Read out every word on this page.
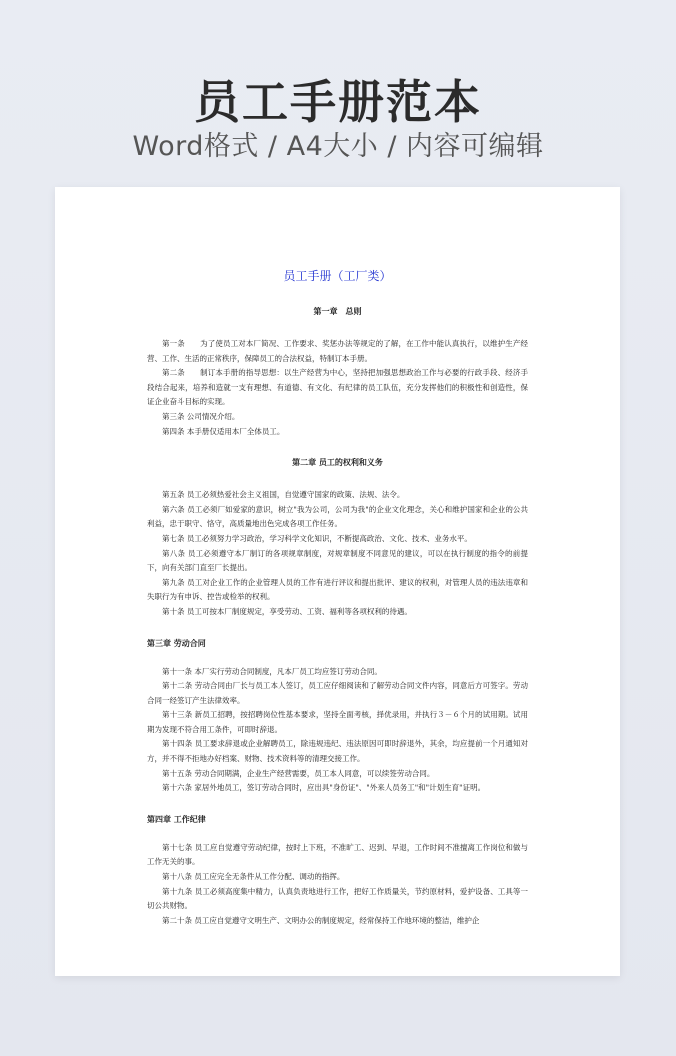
员工手册范本
Word格式 / A4大小 / 内容可编辑
员工手册（工厂类）
第一章　总则

第一条　　为了使员工对本厂简况、工作要求、奖惩办法等规定的了解，在工作中能认真执行，以维护生产经营、工作、生活的正常秩序，保障员工的合法权益，特制订本手册。

第二条　　制订本手册的指导思想：以生产经营为中心，坚持把加强思想政治工作与必要的行政手段、经济手段结合起来，培养和造就一支有理想、有道德、有文化、有纪律的员工队伍，充分发挥他们的积极性和创造性，保证企业奋斗目标的实现。

第三条 公司情况介绍。

第四条 本手册仅适用本厂全体员工。

第二章 员工的权利和义务

第五条 员工必须热爱社会主义祖国，自觉遵守国家的政策、法规、法令。

第六条 员工必须厂如爱家的意识，树立"我为公司，公司为我"的企业文化理念，关心和维护国家和企业的公共利益，忠于职守、恪守，高质量地出色完成各项工作任务。

第七条 员工必须努力学习政治，学习科学文化知识，不断提高政治、文化、技术、业务水平。

第八条 员工必须遵守本厂制订的各项规章制度，对规章制度不同意见的建议，可以在执行制度的指令的前提下，向有关部门直至厂长提出。

第九条 员工对企业工作的企业管理人员的工作有进行评议和提出批评、建议的权利，对管理人员的违法违章和失职行为有申诉、控告或检举的权利。

第十条 员工可按本厂制度规定，享受劳动、工资、福利等各项权利的待遇。

第三章 劳动合同

第十一条 本厂实行劳动合同制度，凡本厂员工均应签订劳动合同。

第十二条 劳动合同由厂长与员工本人签订，员工应仔细阅读和了解劳动合同文件内容，同意后方可签字。劳动合同一经签订产生法律效率。

第十三条 新员工招聘，按招聘岗位性基本要求，坚持全面考核，择优录用，并执行３－６个月的试用期。试用期为发现不符合用工条件，可即时辞退。

第十四条 员工要求辞退或企业解聘员工，除违规违纪、违法原因可即时辞退外，其余，均应提前一个月通知对方，并不得不拒地办好档案、财物、技术资料等的清理交接工作。

第十五条 劳动合同期满，企业生产经营需要，员工本人同意，可以续签劳动合同。

第十六条 家居外地员工，签订劳动合同时，应出具"身份证"、"外来人员务工"和"计划生育"证明。

第四章 工作纪律

第十七条 员工应自觉遵守劳动纪律，按时上下班，不准旷工、迟到、早退，工作时间不准擅离工作岗位和做与工作无关的事。

第十八条 员工应完全无条件从工作分配、调动的指挥。

第十九条 员工必须高度集中精力，认真负责地进行工作，把好工作质量关，节约原材料，爱护设备、工具等一切公共财物。

第二十条 员工应自觉遵守文明生产、文明办公的制度规定，经常保持工作地环境的整洁，维护企
